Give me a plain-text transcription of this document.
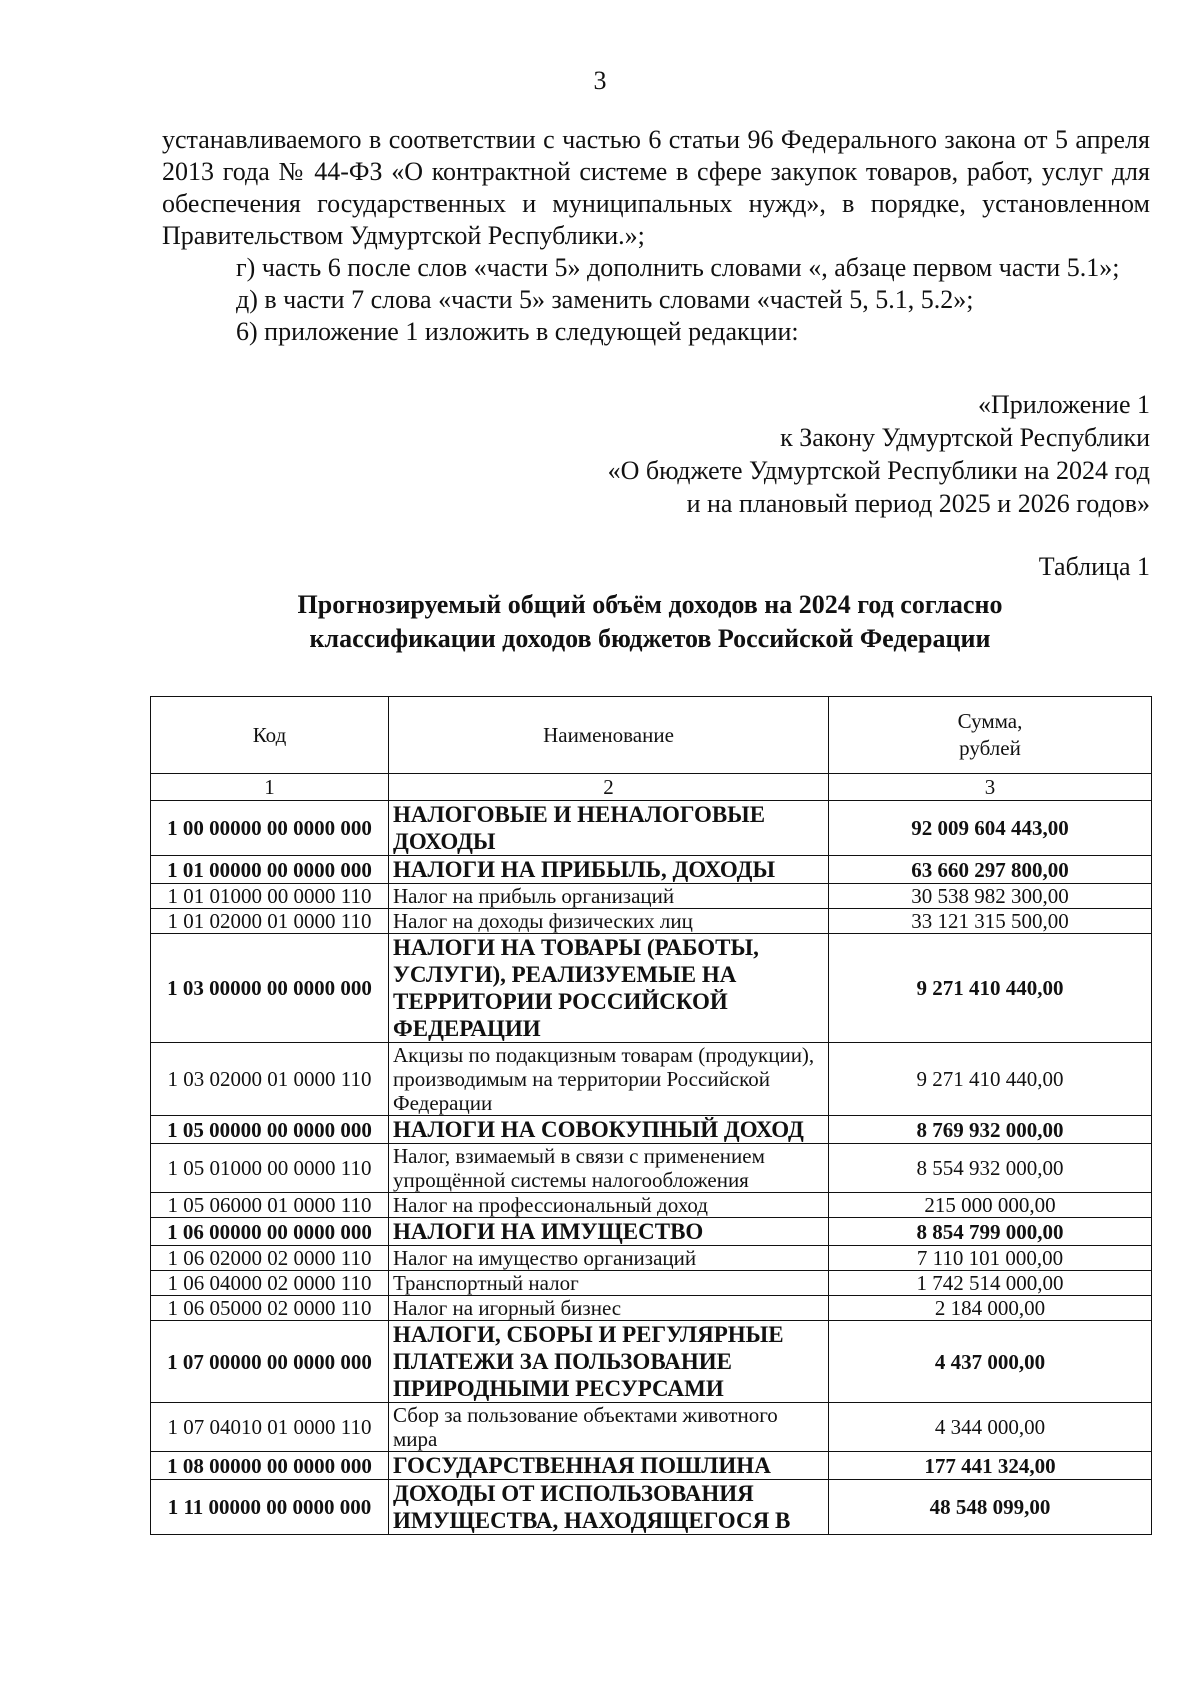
3

устанавливаемого в соответствии с частью 6 статьи 96 Федерального закона от 5 апреля 2013 года № 44-ФЗ «О контрактной системе в сфере закупок товаров, работ, услуг для обеспечения государственных и муниципальных нужд», в порядке, установленном Правительством Удмуртской Республики.»;

г) часть 6 после слов «части 5» дополнить словами «, абзаце первом части 5.1»;

д) в части 7 слова «части 5» заменить словами «частей 5, 5.1, 5.2»;

6) приложение 1 изложить в следующей редакции:

«Приложение 1
к Закону Удмуртской Республики
«О бюджете Удмуртской Республики на 2024 год
и на плановый период 2025 и 2026 годов»
Таблица 1
Прогнозируемый общий объём доходов на 2024 год согласно
классификации доходов бюджетов Российской Федерации
Код	Наименование	Сумма,
рублей

1	2	3
1 00 00000 00 0000 000	НАЛОГОВЫЕ И НЕНАЛОГОВЫЕ ДОХОДЫ	92 009 604 443,00
1 01 00000 00 0000 000	НАЛОГИ НА ПРИБЫЛЬ, ДОХОДЫ	63 660 297 800,00
1 01 01000 00 0000 110	Налог на прибыль организаций	30 538 982 300,00
1 01 02000 01 0000 110	Налог на доходы физических лиц	33 121 315 500,00
1 03 00000 00 0000 000	НАЛОГИ НА ТОВАРЫ (РАБОТЫ, УСЛУГИ), РЕАЛИЗУЕМЫЕ НА ТЕРРИТОРИИ РОССИЙСКОЙ ФЕДЕРАЦИИ	9 271 410 440,00
1 03 02000 01 0000 110	Акцизы по подакцизным товарам (продукции), производимым на территории Российской Федерации	9 271 410 440,00
1 05 00000 00 0000 000	НАЛОГИ НА СОВОКУПНЫЙ ДОХОД	8 769 932 000,00
1 05 01000 00 0000 110	Налог, взимаемый в связи с применением упрощённой системы налогообложения	8 554 932 000,00
1 05 06000 01 0000 110	Налог на профессиональный доход	215 000 000,00
1 06 00000 00 0000 000	НАЛОГИ НА ИМУЩЕСТВО	8 854 799 000,00
1 06 02000 02 0000 110	Налог на имущество организаций	7 110 101 000,00
1 06 04000 02 0000 110	Транспортный налог	1 742 514 000,00
1 06 05000 02 0000 110	Налог на игорный бизнес	2 184 000,00
1 07 00000 00 0000 000	НАЛОГИ, СБОРЫ И РЕГУЛЯРНЫЕ ПЛАТЕЖИ ЗА ПОЛЬЗОВАНИЕ ПРИРОДНЫМИ РЕСУРСАМИ	4 437 000,00
1 07 04010 01 0000 110	Сбор за пользование объектами животного мира	4 344 000,00
1 08 00000 00 0000 000	ГОСУДАРСТВЕННАЯ ПОШЛИНА	177 441 324,00
1 11 00000 00 0000 000	ДОХОДЫ ОТ ИСПОЛЬЗОВАНИЯ ИМУЩЕСТВА, НАХОДЯЩЕГОСЯ В	48 548 099,00
